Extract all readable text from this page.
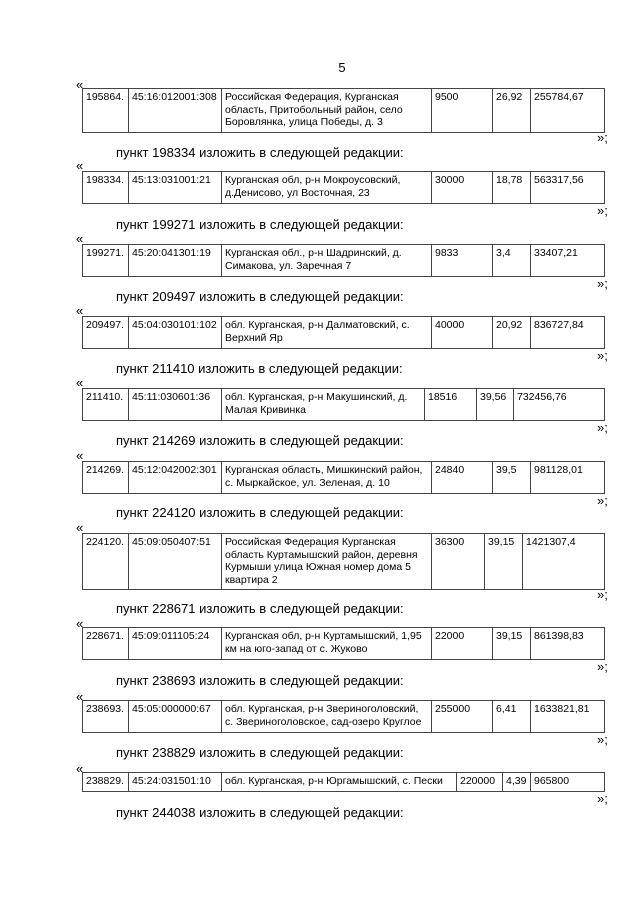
5
«
195864.	45:16:012001:308	Российская Федерация, Курганская область, Притобольный район, село Боровлянка, улица Победы, д. 3	9500	26,92	255784,67
»;
пункт 198334 изложить в следующей редакции:
«
198334.	45:13:031001:21	Курганская обл, р-н Мокроусовский, д.Денисово, ул Восточная, 23	30000	18,78	563317,56
»;
пункт 199271 изложить в следующей редакции:
«
199271.	45:20:041301:19	Курганская обл., р-н Шадринский, д. Симакова, ул. Заречная 7	9833	3,4	33407,21
»;
пункт 209497 изложить в следующей редакции:
«
209497.	45:04:030101:102	обл. Курганская, р-н Далматовский, с. Верхний Яр	40000	20,92	836727,84
»;
пункт 211410 изложить в следующей редакции:
«
211410.	45:11:030601:36	обл. Курганская, р-н Макушинский, д. Малая Кривинка	18516	39,56	732456,76
»;
пункт 214269 изложить в следующей редакции:
«
214269.	45:12:042002:301	Курганская область, Мишкинский район, с. Мыркайское, ул. Зеленая, д. 10	24840	39,5	981128,01
»;
пункт 224120 изложить в следующей редакции:
«
224120.	45:09:050407:51	Российская Федерация Курганская область Куртамышский район, деревня Курмыши улица Южная номер дома 5 квартира 2	36300	39,15	1421307,4
»;
пункт 228671 изложить в следующей редакции:
«
228671.	45:09:011105:24	Курганская обл, р-н Куртамышский, 1,95 км на юго-запад от с. Жуково	22000	39,15	861398,83
»;
пункт 238693 изложить в следующей редакции:
«
238693.	45:05:000000:67	обл. Курганская, р-н Звериноголовский, с. Звериноголовское, сад-озеро Круглое	255000	6,41	1633821,81
»;
пункт 238829 изложить в следующей редакции:
«
238829.	45:24:031501:10	обл. Курганская, р-н Юргамышский, с. Пески	220000	4,39	965800
»;
пункт 244038 изложить в следующей редакции:
